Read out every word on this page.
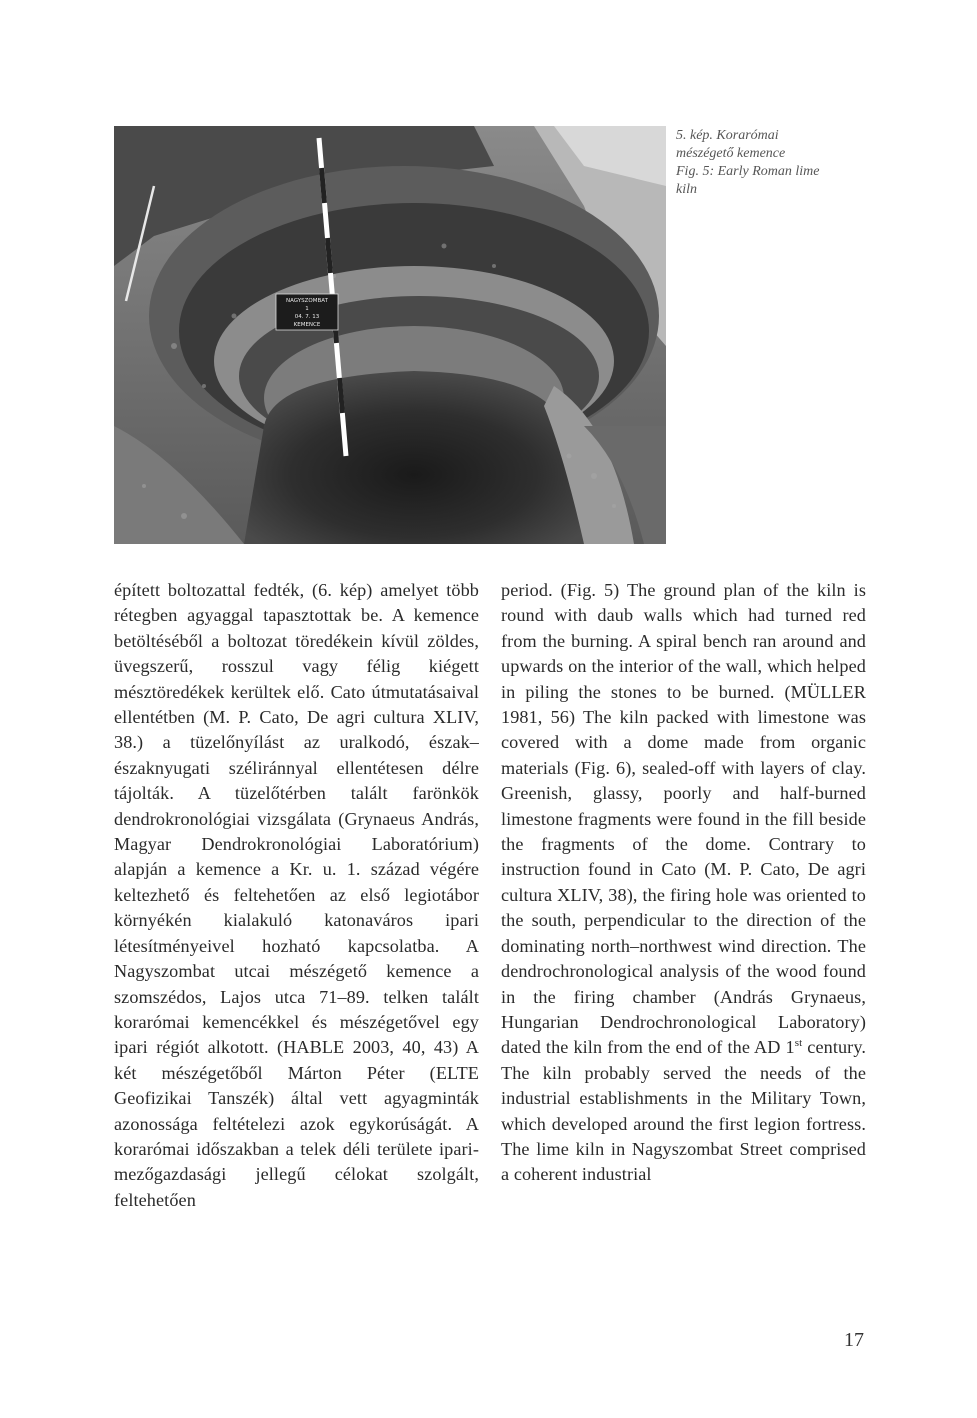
NAGYSZOMBAT
1
04. 7. 13
KEMENCE
5. kép. Korarómai
mészégető kemence
Fig. 5: Early Roman lime
kiln

épített boltozattal fedték, (6. kép) amelyet több rétegben agyaggal tapasztottak be. A kemence betöltéséből a boltozat töredékein kívül zöldes, üvegszerű, rosszul vagy félig kiégett mésztöredékek kerültek elő. Cato útmutatásaival ellentétben (M. P. Cato, De agri cultura XLIV, 38.) a tüzelőnyílást az uralkodó, észak–északnyugati széliránnyal ellentétesen délre tájolták. A tüzelőtérben talált farönkök dendrokronológiai vizsgálata (Grynaeus András, Magyar Dendrokronológiai Laboratórium) alapján a kemence a Kr. u. 1. század végére keltezhető és feltehetően az első legiotábor környékén kialakuló katonaváros ipari létesítményeivel hozható kapcsolatba. A Nagyszombat utcai mészégető kemence a szomszédos, Lajos utca 71–89. telken talált korarómai kemencékkel és mészégetővel egy ipari régiót alkotott. (HABLE 2003, 40, 43) A két mészégetőből Márton Péter (ELTE Geofizikai Tanszék) által vett agyagminták azonossága feltételezi azok egykorúságát. A korarómai időszakban a telek déli területe ipari-mezőgazdasági jellegű célokat szolgált, feltehetően

period. (Fig. 5) The ground plan of the kiln is round with daub walls which had turned red from the burning. A spiral bench ran around and upwards on the interior of the wall, which helped in piling the stones to be burned. (MÜLLER 1981, 56) The kiln packed with limestone was covered with a dome made from organic materials (Fig. 6), sealed-off with layers of clay. Greenish, glassy, poorly and half-burned limestone fragments were found in the fill beside the fragments of the dome. Contrary to instruction found in Cato (M. P. Cato, De agri cultura XLIV, 38), the firing hole was oriented to the south, perpendicular to the direction of the dominating north–northwest wind direction. The dendrochronological analysis of the wood found in the firing chamber (András Grynaeus, Hungarian Dendrochronological Laboratory) dated the kiln from the end of the AD 1st century. The kiln probably served the needs of the industrial establishments in the Military Town, which developed around the first legion fortress. The lime kiln in Nagyszombat Street comprised a coherent industrial

17
